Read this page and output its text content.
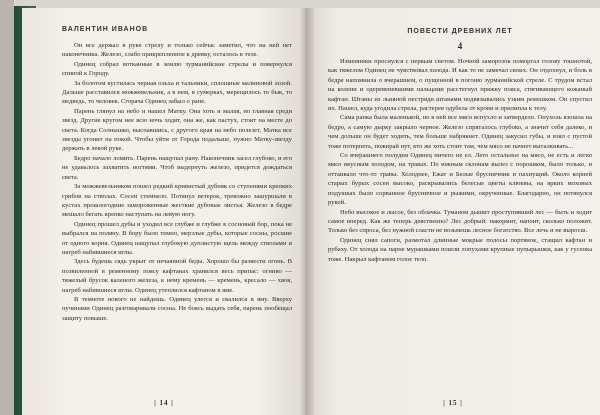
ВАЛЕНТИН ИВАНОВ

Он все держал в руке стрелу и только сейчас заметил, что на ней нет наконечника. Железо, слабо прикрепленное к древку, осталось в теле.

Одинец собрал вотканные в землю зурманийские стрелы и повернулся спиной к Городу.

За болотом кустилась черная ольха и тальники, сплошные малиновой лозой. Дальше расставился можжевельник, а в нем, в сумерках, мерещилось то бык, то медведь, то человек. Сгорача Одинец забыл о ране.

Парень глянул на небо и нашел Матку. Она хоть и малая, но главная среди звезд. Другие кругом нее всю ночь ходят, она же, как пастух, стоит на месте до света. Когда Солнышко, выспавшись, с другого края на небо полезет, Матка все звезды угонит на покой. Чтобы уйти от Города подальше, нужно Матку-звезду держать в левой руке.

Бедро начало ломить. Парень нащупал рану. Наконечник засел глубоко, и его не удавалось захватить ногтями. Чтоб выдернуть железо, придется дождаться света.

За можжевельником пошел редкий кривистый дубняк со ступенями крепких грибов на стволах. Сосен стемнело. Потянул ветерок, тревожно зашуршали в кустах прошлогодние замороженные жесткие дубовые листья. Железо в бедре мешало бегать крепко наступать на левую ногу.

Одинец прошел дубы и уходил все глубже и глубже в сосновый бор, пока не выбрался на поляну. В бору было темно, мерзлые дубы, которые сосны, росшие от одного корня. Одинец нащупал глубокую дуплистую щель между стволами и нагреб набившиеся иглы.

Здесь будешь сядь укрыт от нечаянной беды. Хорошо бы развести огонь. В позвиленной в ременному поясу кафтанах хранился весь припас: огниво — тяжелый брусок каленого железа, к нему кремень — кремень, кресало — хвоя, нагреб набившиеся иглы. Одинец утеплился кафтаном в яме.

В темноте нового не найдешь. Одинец улегся и свалился в яму. Вверху пучинами Одинец разговаривали сосны. Не боясь выдать себя, парень пообещал защиту повыше.

| 14 |
ПОВЕСТИ ДРЕВНИХ ЛЕТ
4

Изменники проснулся с первым светом. Ночной заморозок поморгал голову тошнотой, как тяжелом Одинец не чувствовал холода. И как то не замечал своих. Он отдохнул, и боль в бедре напомнила о вчерашнем, о пущенной в погоню зурманийской стреле. С трудом встал на колени и одеревеневшими пальцами расстегнул пряжку пояса, стягивающего кожаный кафтан. Штаны из льняной пестряди штанами подвязывались узким ремешком. Он спустил их. Нашел, куда угодила стрела, растерев одубела от крови и прилипла к телу.

Сама ранка была маленькой, но в ней все мясо вспухло и затвердело. Опухоль взошла на бедро, а самую дырку закрыло черное. Железо спряталось глубоко, а значит себя далеко, и чем дольше он будет ходить, тем больше набрякнет. Одинец закусил губы, и взял с пустой тоже потерпеть, пожирай нут, кто же хоть стоит там, чем мясо не начнет выталкивать...

Со вчерашнего полудня Одинец ничего не ел. Лето остальное на мясо, не есть и легко мясо вкусным холодом, на травах. По южным склонам вылез с порошком, было только, и оттаивало что-то травы. Холоднее, Ежат и Белые брусничник и пахнущий. Около корней старых бурых сосен высоко, раскрывались белесые цветы клюквы, на ярких моховых подушках было сорванное брусничное и рыжими, окрученные. Благодарно, он потянулся рукой.

Небо высокое и лысое, без облачка. Туманом дышит проступивший лес — быть и ходит самое вперед. Как же теперь девственно? Лес добрый: накормит, напоит, сколько положит. Только без спроса, без нужной сласти не возьмешь лесное богатство. Все лечь и не выросш.

Одинец снял сапоги, размотал длинные мокрые полосы портянок, стащил кафтан и рубаху. От холода на парне мурашками пошли лопухами крупные пупырышки, как у гусенка тоже. Накрыл кафтаном голое тело.

| 15 |
